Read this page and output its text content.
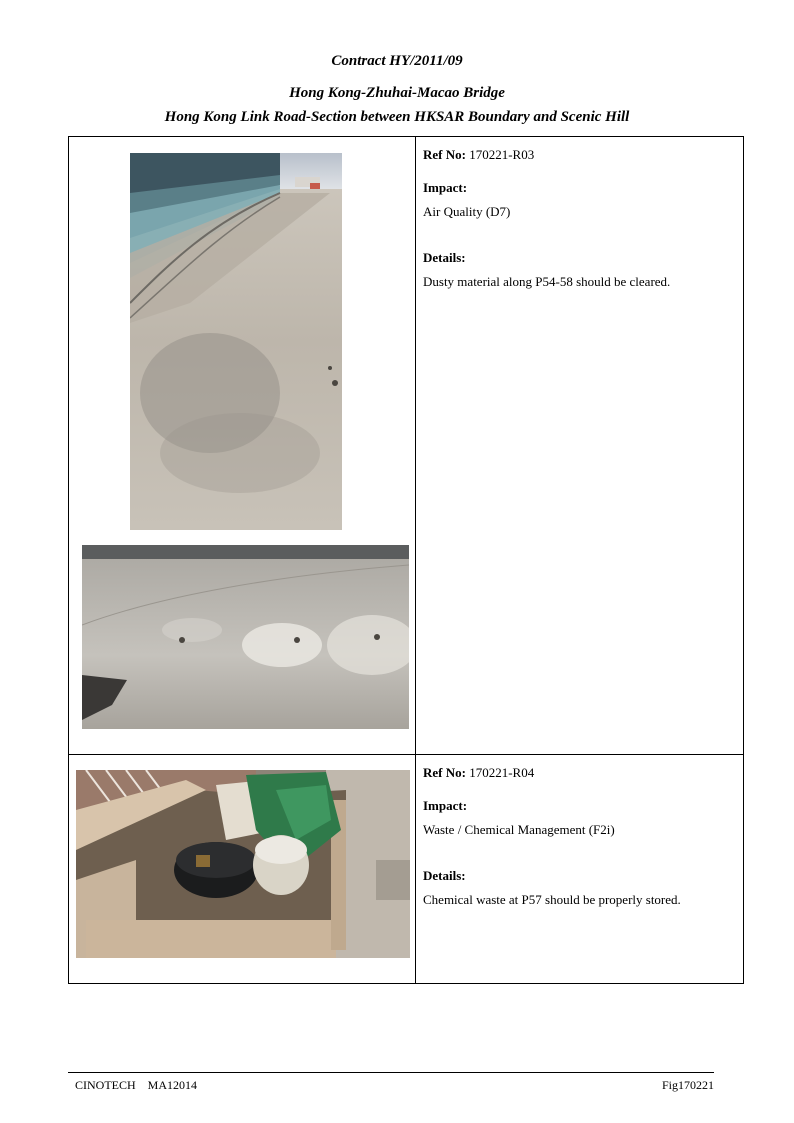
Contract HY/2011/09
Hong Kong-Zhuhai-Macao Bridge
Hong Kong Link Road-Section between HKSAR Boundary and Scenic Hill

Ref No: 170221-R03
Impact:
Air Quality (D7)
Details:
Dusty material along P54-58 should be cleared.

Ref No: 170221-R04
Impact:
Waste / Chemical Management (F2i)
Details:
Chemical waste at P57 should be properly stored.
CINOTECH    MA12014	Fig170221
